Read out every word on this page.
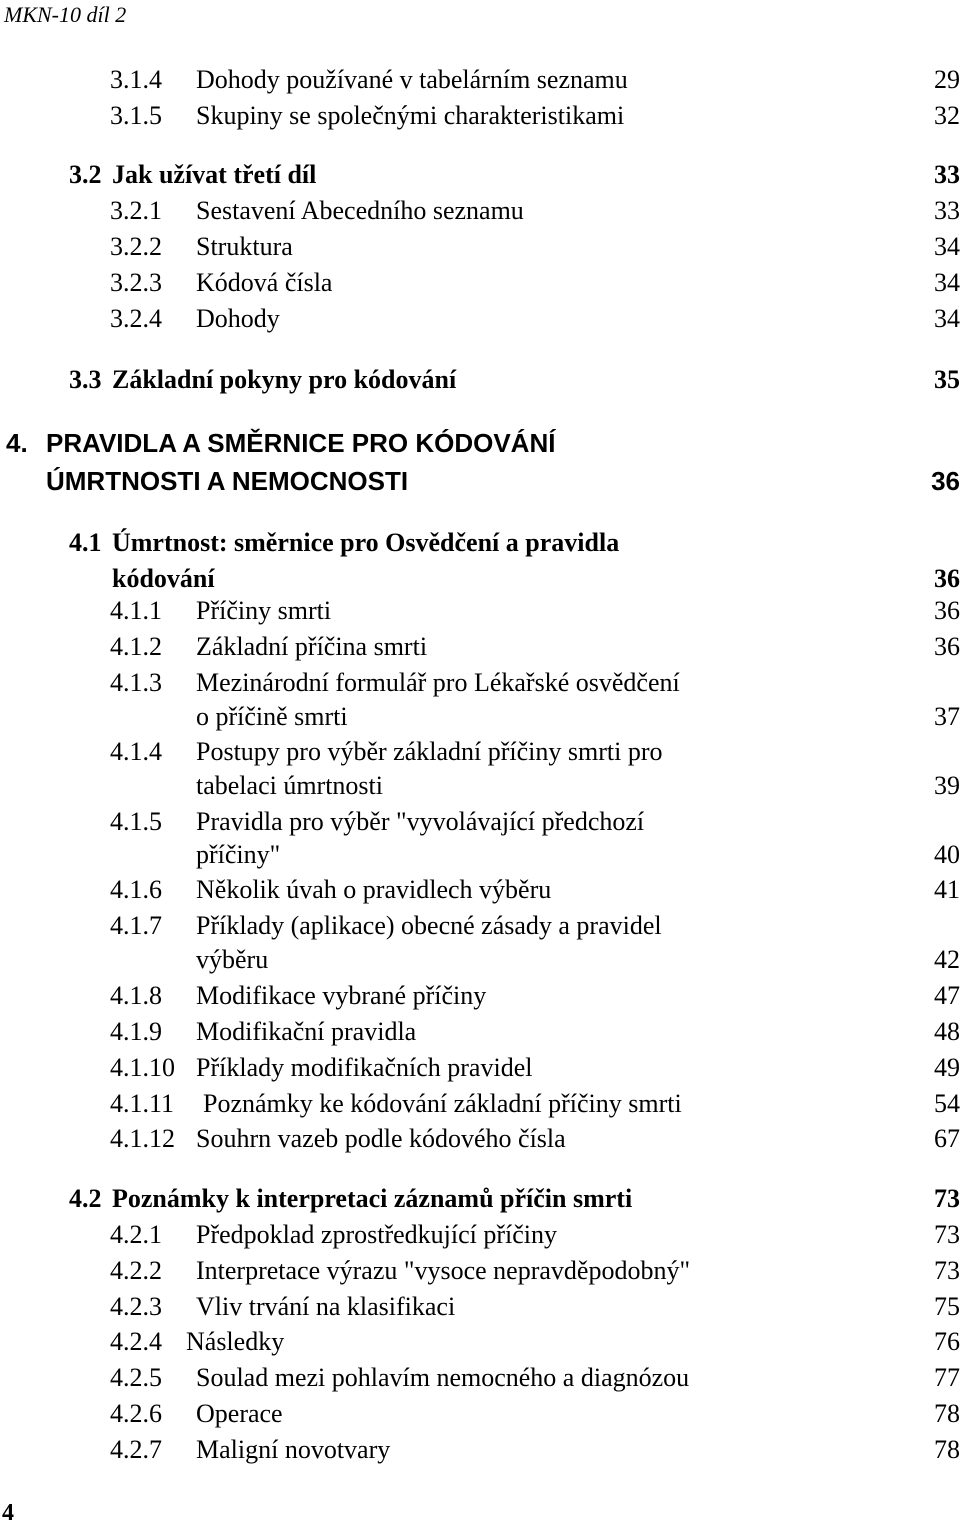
MKN-10 díl 2
3.1.4 Dohody používané v tabelárním seznamu	29
3.1.5 Skupiny se společnými charakteristikami	32
3.2 Jak užívat třetí díl	33
3.2.1 Sestavení Abecedního seznamu	33
3.2.2 Struktura	34
3.2.3 Kódová čísla	34
3.2.4 Dohody	34
3.3 Základní pokyny pro kódování	35
4. PRAVIDLA A SMĚRNICE PRO KÓDOVÁNÍ
ÚMRTNOSTI A NEMOCNOSTI	36
4.1 Úmrtnost: směrnice pro Osvědčení a pravidla
kódování	36
4.1.1 Příčiny smrti	36
4.1.2 Základní příčina smrti	36
4.1.3 Mezinárodní formulář pro Lékařské osvědčení
o příčině smrti	37
4.1.4 Postupy pro výběr základní příčiny smrti pro
tabelaci úmrtnosti	39
4.1.5 Pravidla pro výběr "vyvolávající předchozí
příčiny"	40
4.1.6 Několik úvah o pravidlech výběru	41
4.1.7 Příklady (aplikace) obecné zásady a pravidel
výběru	42
4.1.8 Modifikace vybrané příčiny	47
4.1.9 Modifikační pravidla	48
4.1.10 Příklady modifikačních pravidel	49
4.1.11 Poznámky ke kódování základní příčiny smrti	54
4.1.12 Souhrn vazeb podle kódového čísla	67
4.2 Poznámky k interpretaci záznamů příčin smrti	73
4.2.1 Předpoklad zprostředkující příčiny	73
4.2.2 Interpretace výrazu "vysoce nepravděpodobný"	73
4.2.3 Vliv trvání na klasifikaci	75
4.2.4 Následky	76
4.2.5 Soulad mezi pohlavím nemocného a diagnózou	77
4.2.6 Operace	78
4.2.7 Maligní novotvary	78
4
